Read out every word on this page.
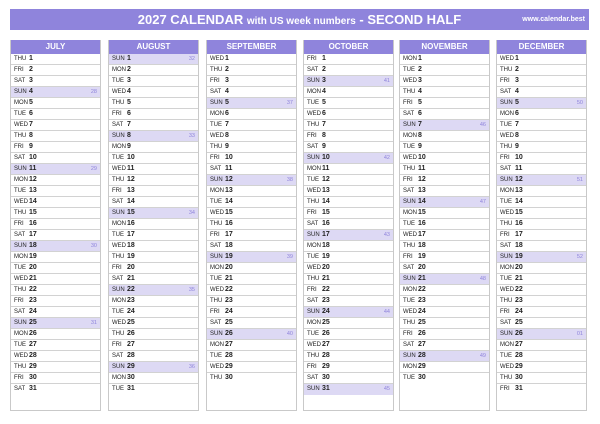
2027 CALENDAR with US week numbers - SECOND HALF	www.calendar.best
JULY
THU 1
FRI 2
SAT 3
SUN 4	28
MON 5
TUE 6
WED 7
THU 8
FRI 9
SAT 10
SUN 11	29
MON 12
TUE 13
WED 14
THU 15
FRI 16
SAT 17
SUN 18	30
MON 19
TUE 20
WED 21
THU 22
FRI 23
SAT 24
SUN 25	31
MON 26
TUE 27
WED 28
THU 29
FRI 30
SAT 31
AUGUST
SUN 1	32
MON 2
TUE 3
WED 4
THU 5
FRI 6
SAT 7
SUN 8	33
MON 9
TUE 10
WED 11
THU 12
FRI 13
SAT 14
SUN 15	34
MON 16
TUE 17
WED 18
THU 19
FRI 20
SAT 21
SUN 22	35
MON 23
TUE 24
WED 25
THU 26
FRI 27
SAT 28
SUN 29	36
MON 30
TUE 31
SEPTEMBER
WED 1
THU 2
FRI 3
SAT 4
SUN 5	37
MON 6
TUE 7
WED 8
THU 9
FRI 10
SAT 11
SUN 12	38
MON 13
TUE 14
WED 15
THU 16
FRI 17
SAT 18
SUN 19	39
MON 20
TUE 21
WED 22
THU 23
FRI 24
SAT 25
SUN 26	40
MON 27
TUE 28
WED 29
THU 30
OCTOBER
FRI 1
SAT 2
SUN 3	41
MON 4
TUE 5
WED 6
THU 7
FRI 8
SAT 9
SUN 10	42
MON 11
TUE 12
WED 13
THU 14
FRI 15
SAT 16
SUN 17	43
MON 18
TUE 19
WED 20
THU 21
FRI 22
SAT 23
SUN 24	44
MON 25
TUE 26
WED 27
THU 28
FRI 29
SAT 30
SUN 31	45
NOVEMBER
MON 1
TUE 2
WED 3
THU 4
FRI 5
SAT 6
SUN 7	46
MON 8
TUE 9
WED 10
THU 11
FRI 12
SAT 13
SUN 14	47
MON 15
TUE 16
WED 17
THU 18
FRI 19
SAT 20
SUN 21	48
MON 22
TUE 23
WED 24
THU 25
FRI 26
SAT 27
SUN 28	49
MON 29
TUE 30
DECEMBER
WED 1
THU 2
FRI 3
SAT 4
SUN 5	50
MON 6
TUE 7
WED 8
THU 9
FRI 10
SAT 11
SUN 12	51
MON 13
TUE 14
WED 15
THU 16
FRI 17
SAT 18
SUN 19	52
MON 20
TUE 21
WED 22
THU 23
FRI 24
SAT 25
SUN 26	01
MON 27
TUE 28
WED 29
THU 30
FRI 31
